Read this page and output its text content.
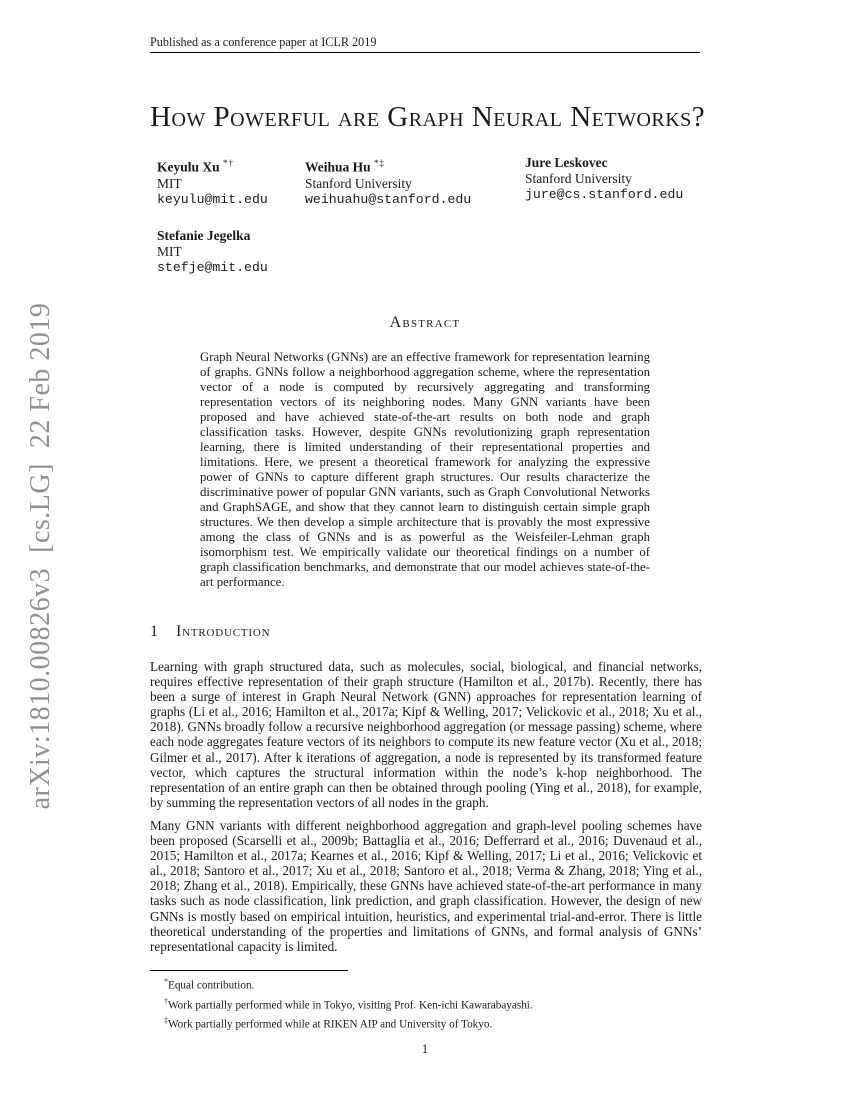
arXiv:1810.00826v3  [cs.LG]  22 Feb 2019
Published as a conference paper at ICLR 2019
How Powerful are Graph Neural Networks?
Keyulu Xu *†
MIT
keyulu@mit.edu
Weihua Hu *‡
Stanford University
weihuahu@stanford.edu
Jure Leskovec
Stanford University
jure@cs.stanford.edu
Stefanie Jegelka
MIT
stefje@mit.edu
Abstract
Graph Neural Networks (GNNs) are an effective framework for representation learning of graphs. GNNs follow a neighborhood aggregation scheme, where the representation vector of a node is computed by recursively aggregating and transforming representation vectors of its neighboring nodes. Many GNN variants have been proposed and have achieved state-of-the-art results on both node and graph classification tasks. However, despite GNNs revolutionizing graph representation learning, there is limited understanding of their representational properties and limitations. Here, we present a theoretical framework for analyzing the expressive power of GNNs to capture different graph structures. Our results characterize the discriminative power of popular GNN variants, such as Graph Convolutional Networks and GraphSAGE, and show that they cannot learn to distinguish certain simple graph structures. We then develop a simple architecture that is provably the most expressive among the class of GNNs and is as powerful as the Weisfeiler-Lehman graph isomorphism test. We empirically validate our theoretical findings on a number of graph classification benchmarks, and demonstrate that our model achieves state-of-the-art performance.
1 Introduction
Learning with graph structured data, such as molecules, social, biological, and financial networks, requires effective representation of their graph structure (Hamilton et al., 2017b). Recently, there has been a surge of interest in Graph Neural Network (GNN) approaches for representation learning of graphs (Li et al., 2016; Hamilton et al., 2017a; Kipf & Welling, 2017; Velickovic et al., 2018; Xu et al., 2018). GNNs broadly follow a recursive neighborhood aggregation (or message passing) scheme, where each node aggregates feature vectors of its neighbors to compute its new feature vector (Xu et al., 2018; Gilmer et al., 2017). After k iterations of aggregation, a node is represented by its transformed feature vector, which captures the structural information within the node’s k-hop neighborhood. The representation of an entire graph can then be obtained through pooling (Ying et al., 2018), for example, by summing the representation vectors of all nodes in the graph.
Many GNN variants with different neighborhood aggregation and graph-level pooling schemes have been proposed (Scarselli et al., 2009b; Battaglia et al., 2016; Defferrard et al., 2016; Duvenaud et al., 2015; Hamilton et al., 2017a; Kearnes et al., 2016; Kipf & Welling, 2017; Li et al., 2016; Velickovic et al., 2018; Santoro et al., 2017; Xu et al., 2018; Santoro et al., 2018; Verma & Zhang, 2018; Ying et al., 2018; Zhang et al., 2018). Empirically, these GNNs have achieved state-of-the-art performance in many tasks such as node classification, link prediction, and graph classification. However, the design of new GNNs is mostly based on empirical intuition, heuristics, and experimental trial-and-error. There is little theoretical understanding of the properties and limitations of GNNs, and formal analysis of GNNs’ representational capacity is limited.
*Equal contribution.
†Work partially performed while in Tokyo, visiting Prof. Ken-ichi Kawarabayashi.
‡Work partially performed while at RIKEN AIP and University of Tokyo.
1
